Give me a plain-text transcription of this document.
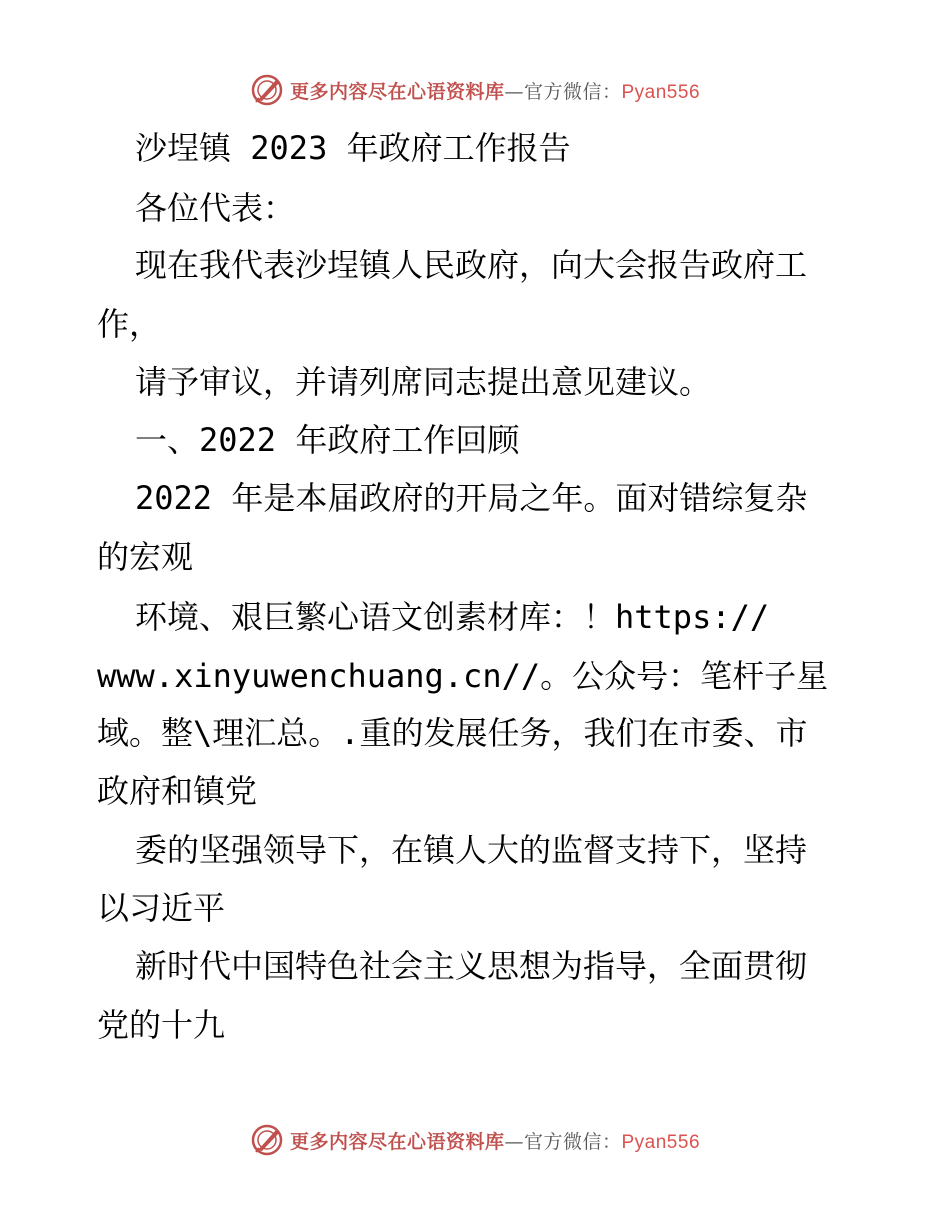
更多内容尽在心语资料库—官方微信：Pyan556
沙埕镇 2023 年政府工作报告
各位代表：
现在我代表沙埕镇人民政府，向大会报告政府工
作，
请予审议，并请列席同志提出意见建议。
一、2022 年政府工作回顾
2022 年是本届政府的开局之年。面对错综复杂
的宏观
环境、艰巨繁心语文创素材库：！https://
www.xinyuwenchuang.cn//。公众号：笔杆子星
域。整\理汇总。.重的发展任务，我们在市委、市
政府和镇党
委的坚强领导下，在镇人大的监督支持下，坚持
以习近平
新时代中国特色社会主义思想为指导，全面贯彻
党的十九
更多内容尽在心语资料库—官方微信：Pyan556
